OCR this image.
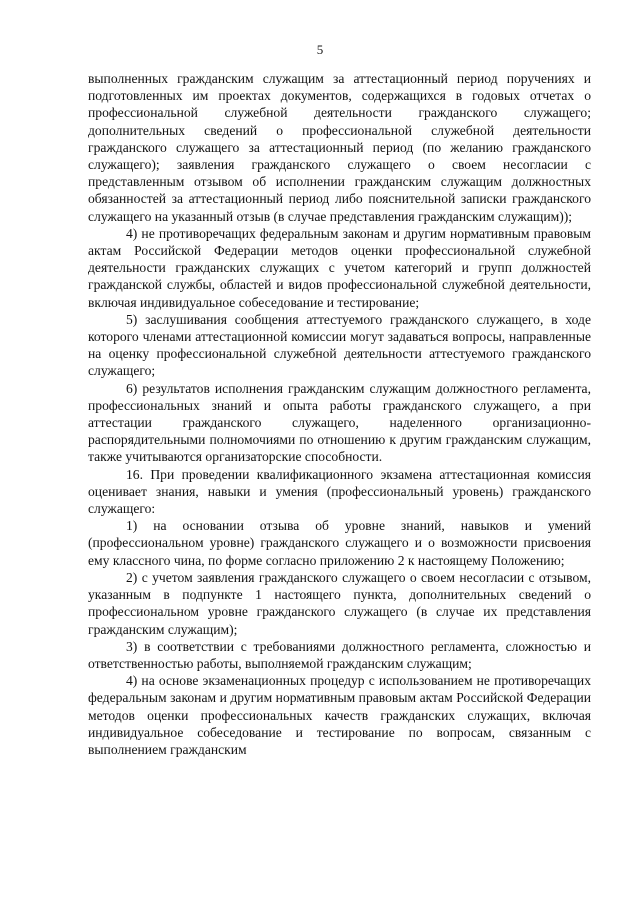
5

выполненных гражданским служащим за аттестационный период поручениях и подготовленных им проектах документов, содержащихся в годовых отчетах о профессиональной служебной деятельности гражданского служащего; дополнительных сведений о профессиональной служебной деятельности гражданского служащего за аттестационный период (по желанию гражданского служащего); заявления гражданского служащего о своем несогласии с представленным отзывом об исполнении гражданским служащим должностных обязанностей за аттестационный период либо пояснительной записки гражданского служащего на указанный отзыв (в случае представления гражданским служащим));

4) не противоречащих федеральным законам и другим нормативным правовым актам Российской Федерации методов оценки профессиональной служебной деятельности гражданских служащих с учетом категорий и групп должностей гражданской службы, областей и видов профессиональной служебной деятельности, включая индивидуальное собеседование и тестирование;

5) заслушивания сообщения аттестуемого гражданского служащего, в ходе которого членами аттестационной комиссии могут задаваться вопросы, направленные на оценку профессиональной служебной деятельности аттестуемого гражданского служащего;

6) результатов исполнения гражданским служащим должностного регламента, профессиональных знаний и опыта работы гражданского служащего, а при аттестации гражданского служащего, наделенного организационно-распорядительными полномочиями по отношению к другим гражданским служащим, также учитываются организаторские способности.

16. При проведении квалификационного экзамена аттестационная комиссия оценивает знания, навыки и умения (профессиональный уровень) гражданского служащего:

1) на основании отзыва об уровне знаний, навыков и умений (профессиональном уровне) гражданского служащего и о возможности присвоения ему классного чина, по форме согласно приложению 2 к настоящему Положению;

2) с учетом заявления гражданского служащего о своем несогласии с отзывом, указанным в подпункте 1 настоящего пункта, дополнительных сведений о профессиональном уровне гражданского служащего (в случае их представления гражданским служащим);

3) в соответствии с требованиями должностного регламента, сложностью и ответственностью работы, выполняемой гражданским служащим;

4) на основе экзаменационных процедур с использованием не противоречащих федеральным законам и другим нормативным правовым актам Российской Федерации методов оценки профессиональных качеств гражданских служащих, включая индивидуальное собеседование и тестирование по вопросам, связанным с выполнением гражданским
